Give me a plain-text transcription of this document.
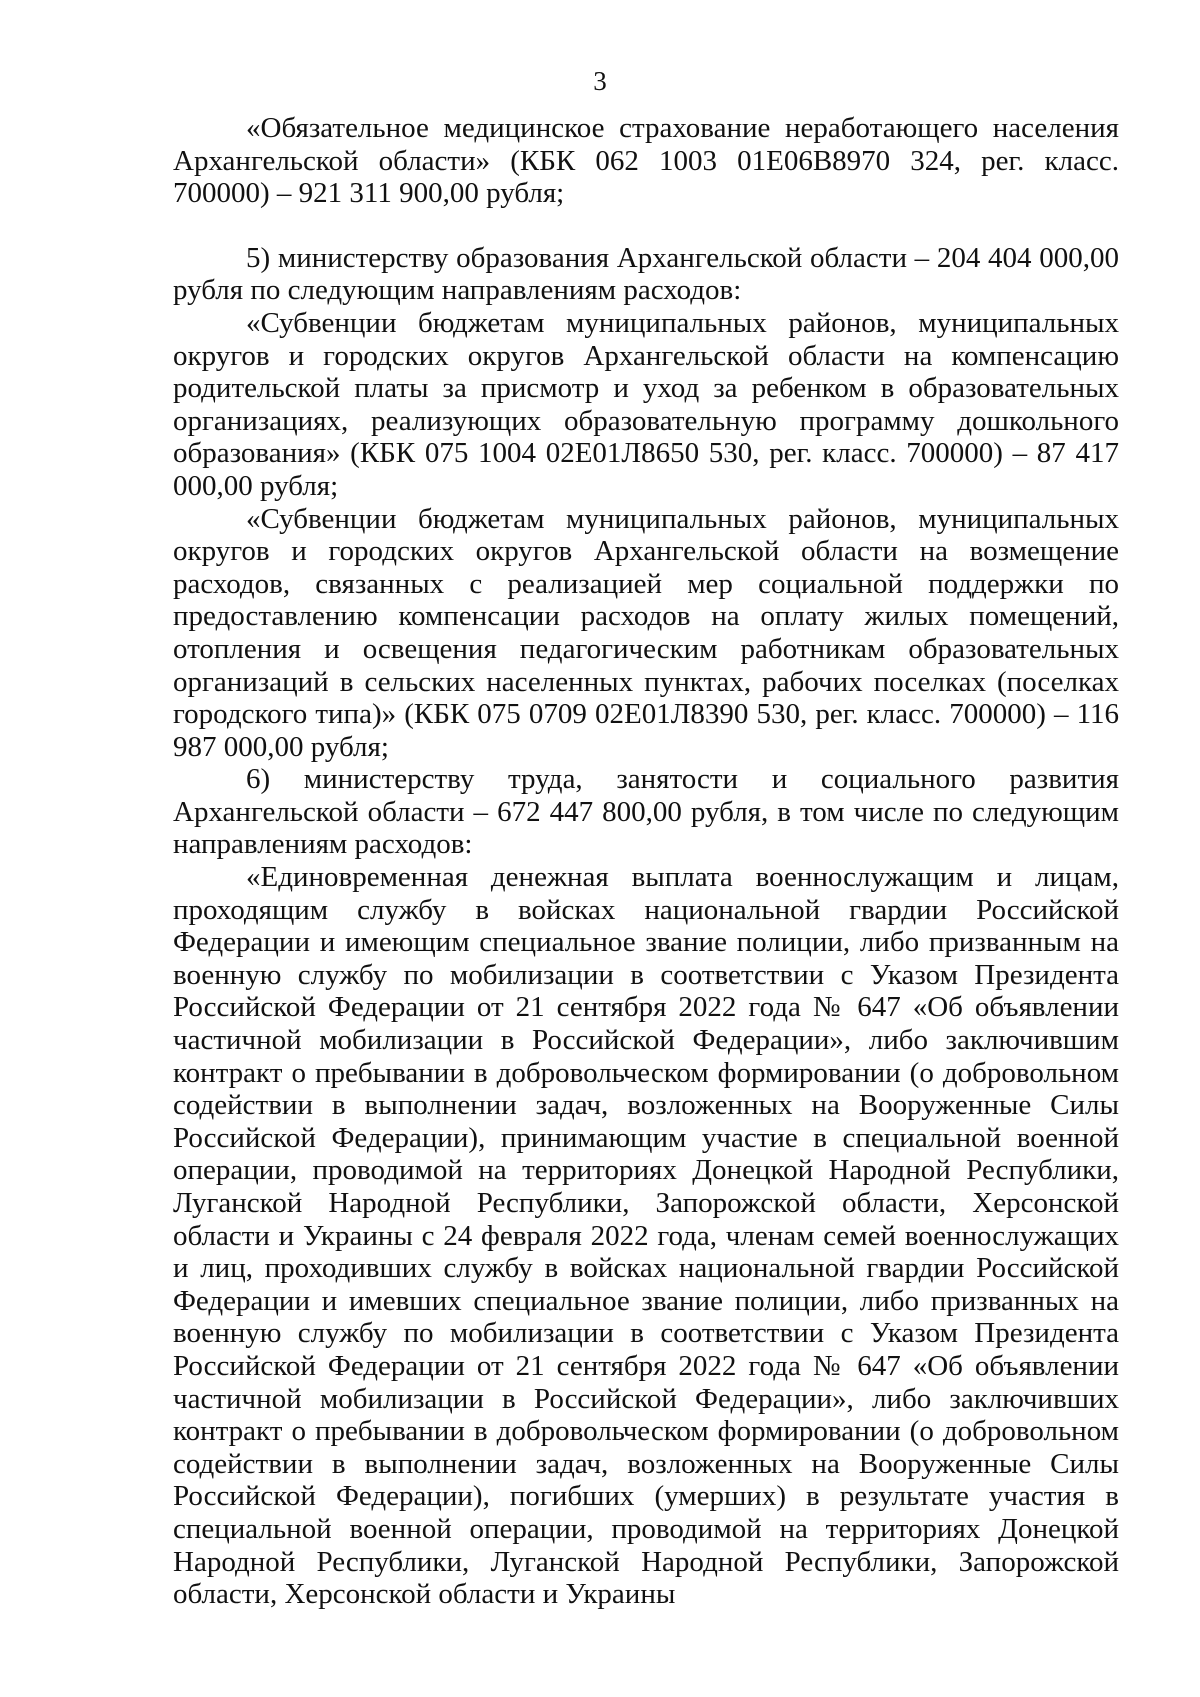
3

«Обязательное медицинское страхование неработающего населения Архангельской области» (КБК 062 1003 01Е06В8970 324, рег. класс. 700000) – 921 311 900,00 рубля;

5) министерству образования Архангельской области – 204 404 000,00 рубля по следующим направлениям расходов:

«Субвенции бюджетам муниципальных районов, муниципальных округов и городских округов Архангельской области на компенсацию родительской платы за присмотр и уход за ребенком в образовательных организациях, реализующих образовательную программу дошкольного образования» (КБК 075 1004 02Е01Л8650 530, рег. класс. 700000) – 87 417 000,00 рубля;

«Субвенции бюджетам муниципальных районов, муниципальных округов и городских округов Архангельской области на возмещение расходов, связанных с реализацией мер социальной поддержки по предоставлению компенсации расходов на оплату жилых помещений, отопления и освещения педагогическим работникам образовательных организаций в сельских населенных пунктах, рабочих поселках (поселках городского типа)» (КБК 075 0709 02Е01Л8390 530, рег. класс. 700000) – 116 987 000,00 рубля;

6) министерству труда, занятости и социального развития Архангельской области – 672 447 800,00 рубля, в том числе по следующим направлениям расходов:

«Единовременная денежная выплата военнослужащим и лицам, проходящим службу в войсках национальной гвардии Российской Федерации и имеющим специальное звание полиции, либо призванным на военную службу по мобилизации в соответствии с Указом Президента Российской Федерации от 21 сентября 2022 года № 647 «Об объявлении частичной мобилизации в Российской Федерации», либо заключившим контракт о пребывании в добровольческом формировании (о добровольном содействии в выполнении задач, возложенных на Вооруженные Силы Российской Федерации), принимающим участие в специальной военной операции, проводимой на территориях Донецкой Народной Республики, Луганской Народной Республики, Запорожской области, Херсонской области и Украины с 24 февраля 2022 года, членам семей военнослужащих и лиц, проходивших службу в войсках национальной гвардии Российской Федерации и имевших специальное звание полиции, либо призванных на военную службу по мобилизации в соответствии с Указом Президента Российской Федерации от 21 сентября 2022 года № 647 «Об объявлении частичной мобилизации в Российской Федерации», либо заключивших контракт о пребывании в добровольческом формировании (о добровольном содействии в выполнении задач, возложенных на Вооруженные Силы Российской Федерации), погибших (умерших) в результате участия в специальной военной операции, проводимой на территориях Донецкой Народной Республики, Луганской Народной Республики, Запорожской области, Херсонской области и Украины
